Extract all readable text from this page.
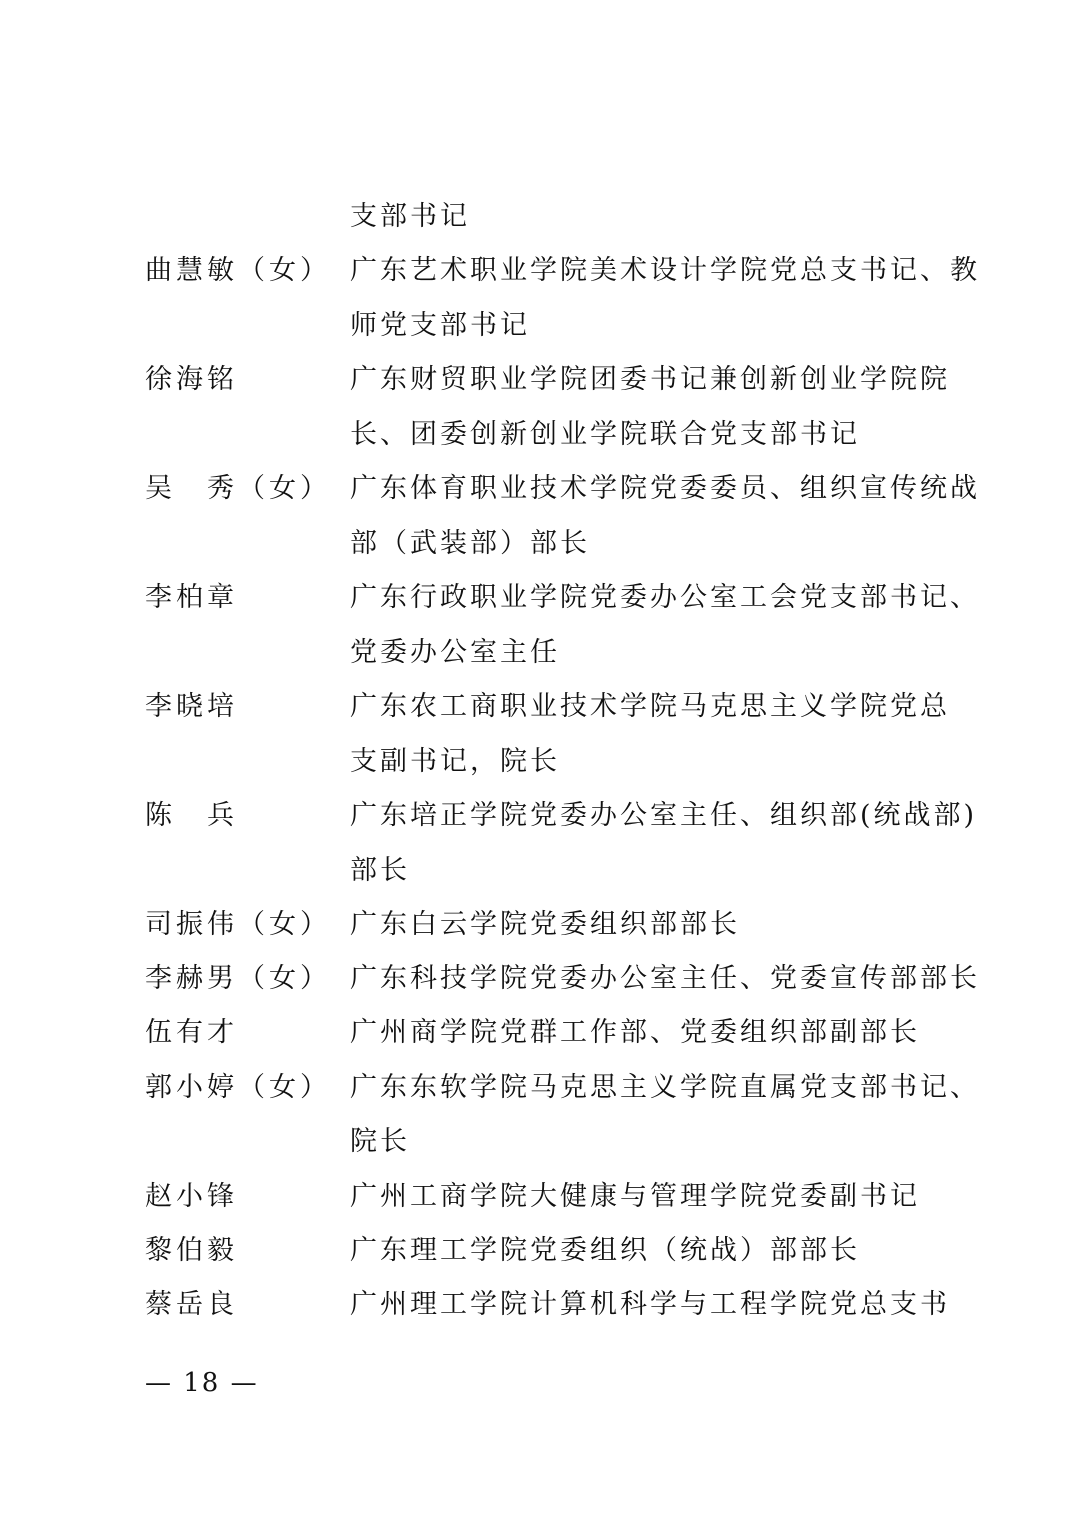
支部书记
曲慧敏（女） 广东艺术职业学院美术设计学院党总支书记、教
师党支部书记
徐海铭	广东财贸职业学院团委书记兼创新创业学院院
长、团委创新创业学院联合党支部书记
吴　秀（女） 广东体育职业技术学院党委委员、组织宣传统战
部（武装部）部长
李柏章	广东行政职业学院党委办公室工会党支部书记、
党委办公室主任
李晓培	广东农工商职业技术学院马克思主义学院党总
支副书记，院长
陈　兵	广东培正学院党委办公室主任、组织部(统战部)
部长
司振伟（女） 广东白云学院党委组织部部长
李赫男（女） 广东科技学院党委办公室主任、党委宣传部部长
伍有才	广州商学院党群工作部、党委组织部副部长
郭小婷（女） 广东东软学院马克思主义学院直属党支部书记、
院长
赵小锋	广州工商学院大健康与管理学院党委副书记
黎伯毅	广东理工学院党委组织（统战）部部长
蔡岳良	广州理工学院计算机科学与工程学院党总支书
— 18 —
